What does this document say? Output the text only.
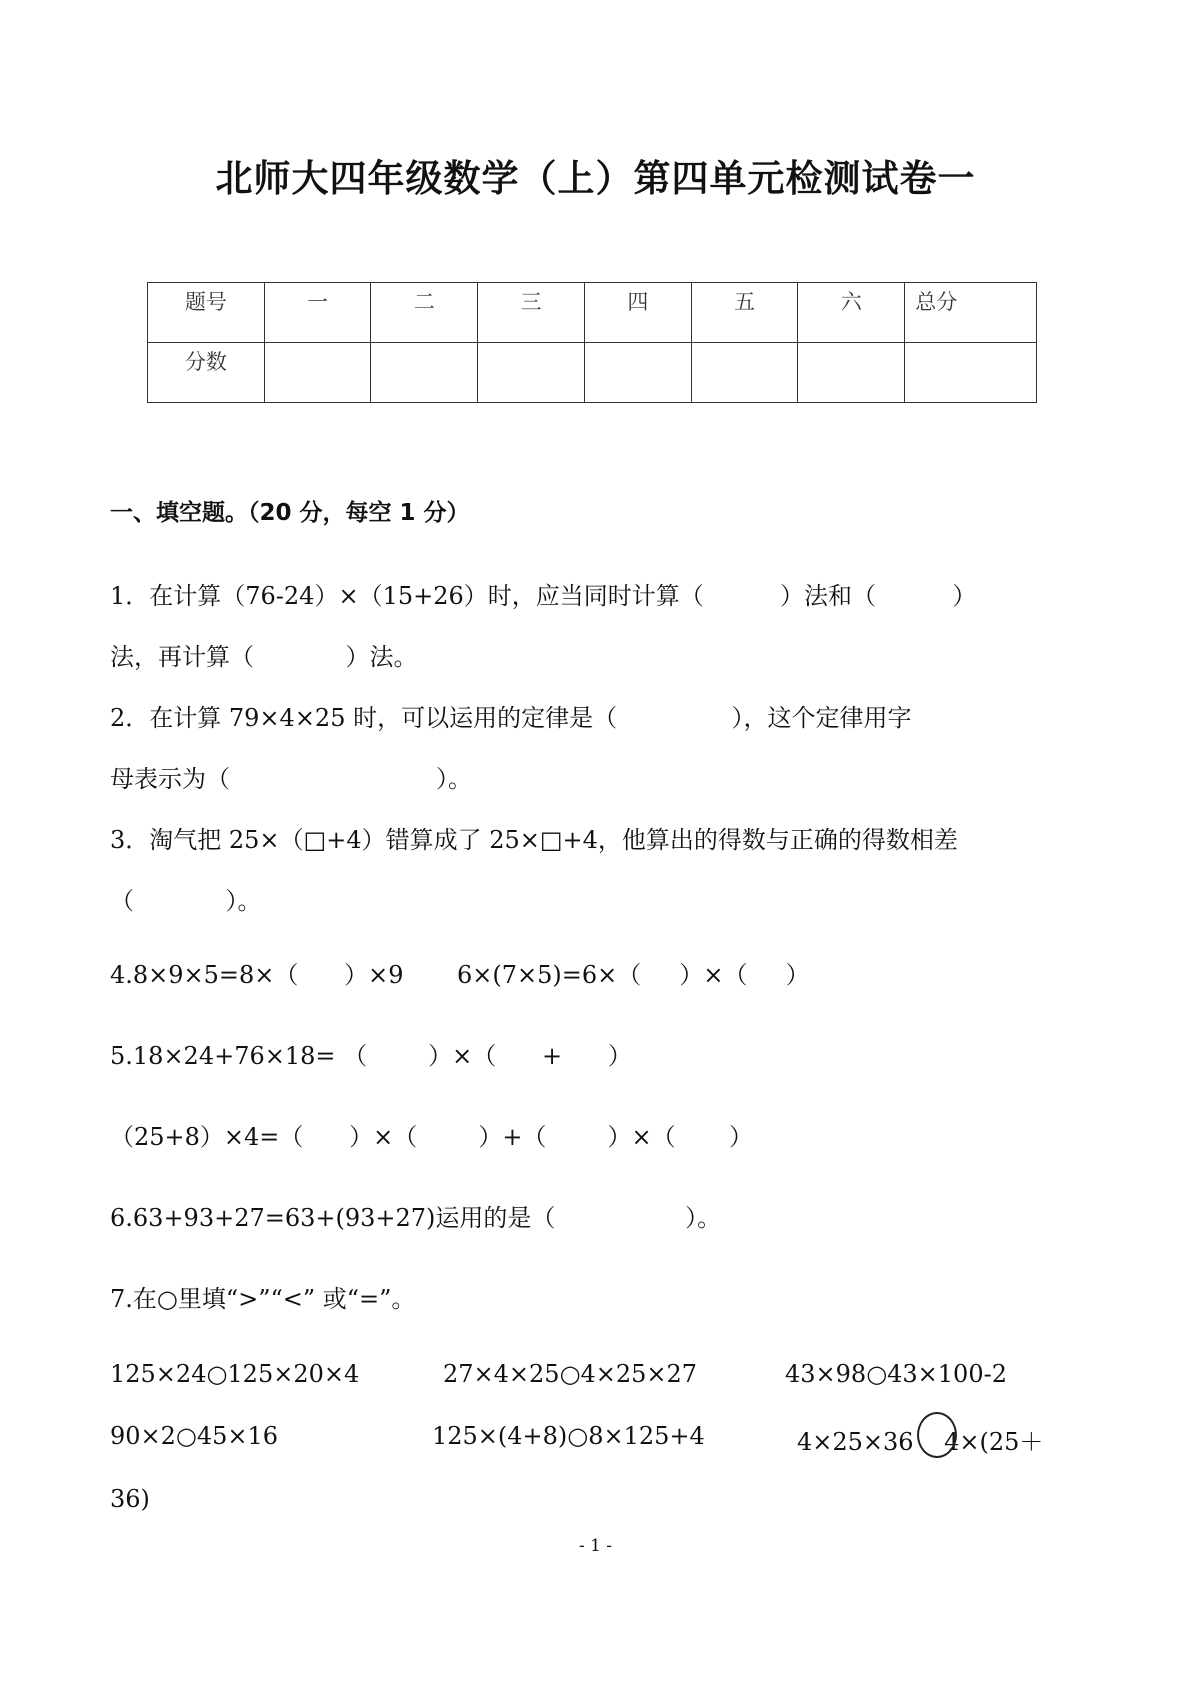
北师大四年级数学（上）第四单元检测试卷一
题号	一	二	三	四	五	六	总分
分数							
一、填空题。（20 分，每空 1 分）
1．在计算（76-24）×（15+26）时，应当同时计算（          ）法和（          ）
法，再计算（            ）法。
2．在计算 79×4×25 时，可以运用的定律是（               ），这个定律用字
母表示为（                           ）。
3．淘气把 25×（□+4）错算成了 25×□+4，他算出的得数与正确的得数相差
（            ）。
4.8×9×5=8×（      ）×9       6×(7×5)=6×（     ）×（     ）
5.18×24+76×18= （        ）×（      +      ）
（25+8）×4=（      ）×（        ）+（        ）×（       ）
6.63+93+27=63+(93+27)运用的是（                 ）。
7.在○里填“>”“<” 或“=”。
125×24○125×20×4	27×4×25○4×25×27	43×98○43×100-2
90×2○45×16	125×(4+8)○8×125+4	4×25×36    4×(25＋
36)
- 1 -
